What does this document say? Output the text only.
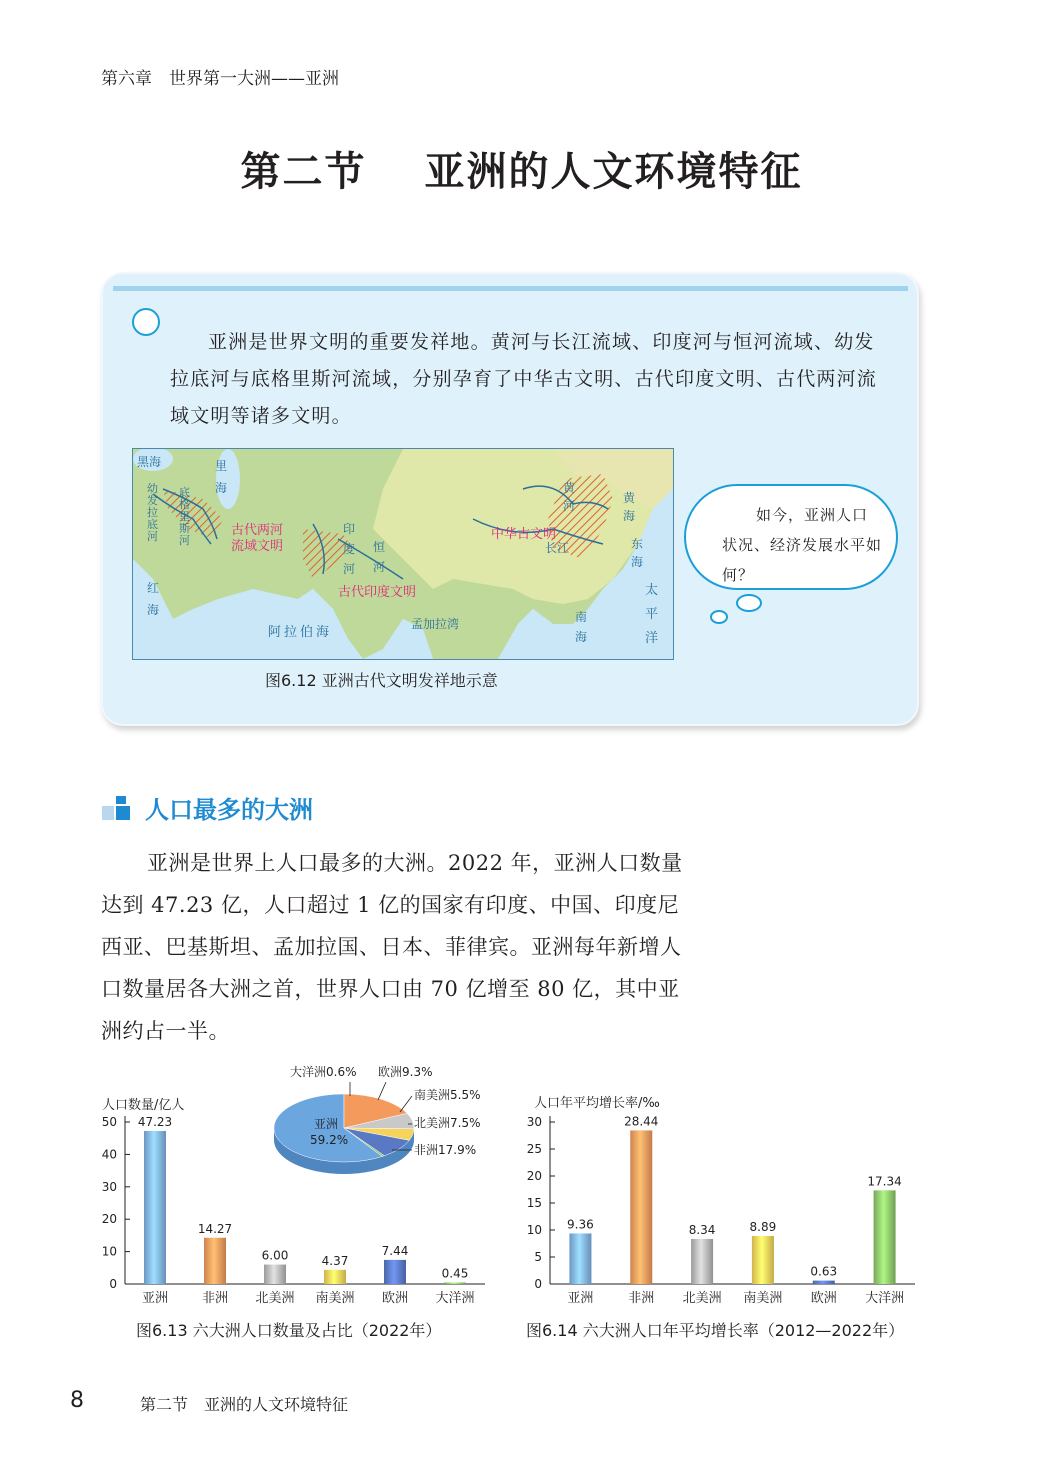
第六章　世界第一大洲——亚洲
第二节　 亚洲的人文环境特征
亚洲是世界文明的重要发祥地。黄河与长江流域、印度河与恒河流域、幼发拉底河与底格里斯河流域，分别孕育了中华古文明、古代印度文明、古代两河流域文明等诸多文明。
黑海	里海
幼发拉底河
底格里斯河
红海
阿拉伯海
孟加拉湾
印度河
恒河
黄河
长江
黄海
东海
南海
太平洋
古代两河
流域文明
古代印度文明
中华古文明
图6.12 亚洲古代文明发祥地示意
如今，亚洲人口状况、经济发展水平如何？
人口最多的大洲
亚洲是世界上人口最多的大洲。2022 年，亚洲人口数量达到 47.23 亿，人口超过 1 亿的国家有印度、中国、印度尼西亚、巴基斯坦、孟加拉国、日本、菲律宾。亚洲每年新增人口数量居各大洲之首，世界人口由 70 亿增至 80 亿，其中亚洲约占一半。
0
10
20
30
40
50 47.23
亚洲
14.27
非洲
6.00
北美洲
4.37
南美洲
7.44
欧洲
0.45
大洋洲
亚洲
59.2%
大洋洲0.6% 欧洲9.3%
南美洲5.5%
北美洲7.5%
非洲17.9%
0
5
10
15
20
25
30
9.36
亚洲
28.44
非洲
8.34
北美洲
8.89
南美洲
0.63
欧洲
17.34
大洋洲
图6.13 六大洲人口数量及占比（2022年）	图6.14 六大洲人口年平均增长率（2012—2022年）
人口数量/亿人	人口年平均增长率/‰
8	第二节　亚洲的人文环境特征
